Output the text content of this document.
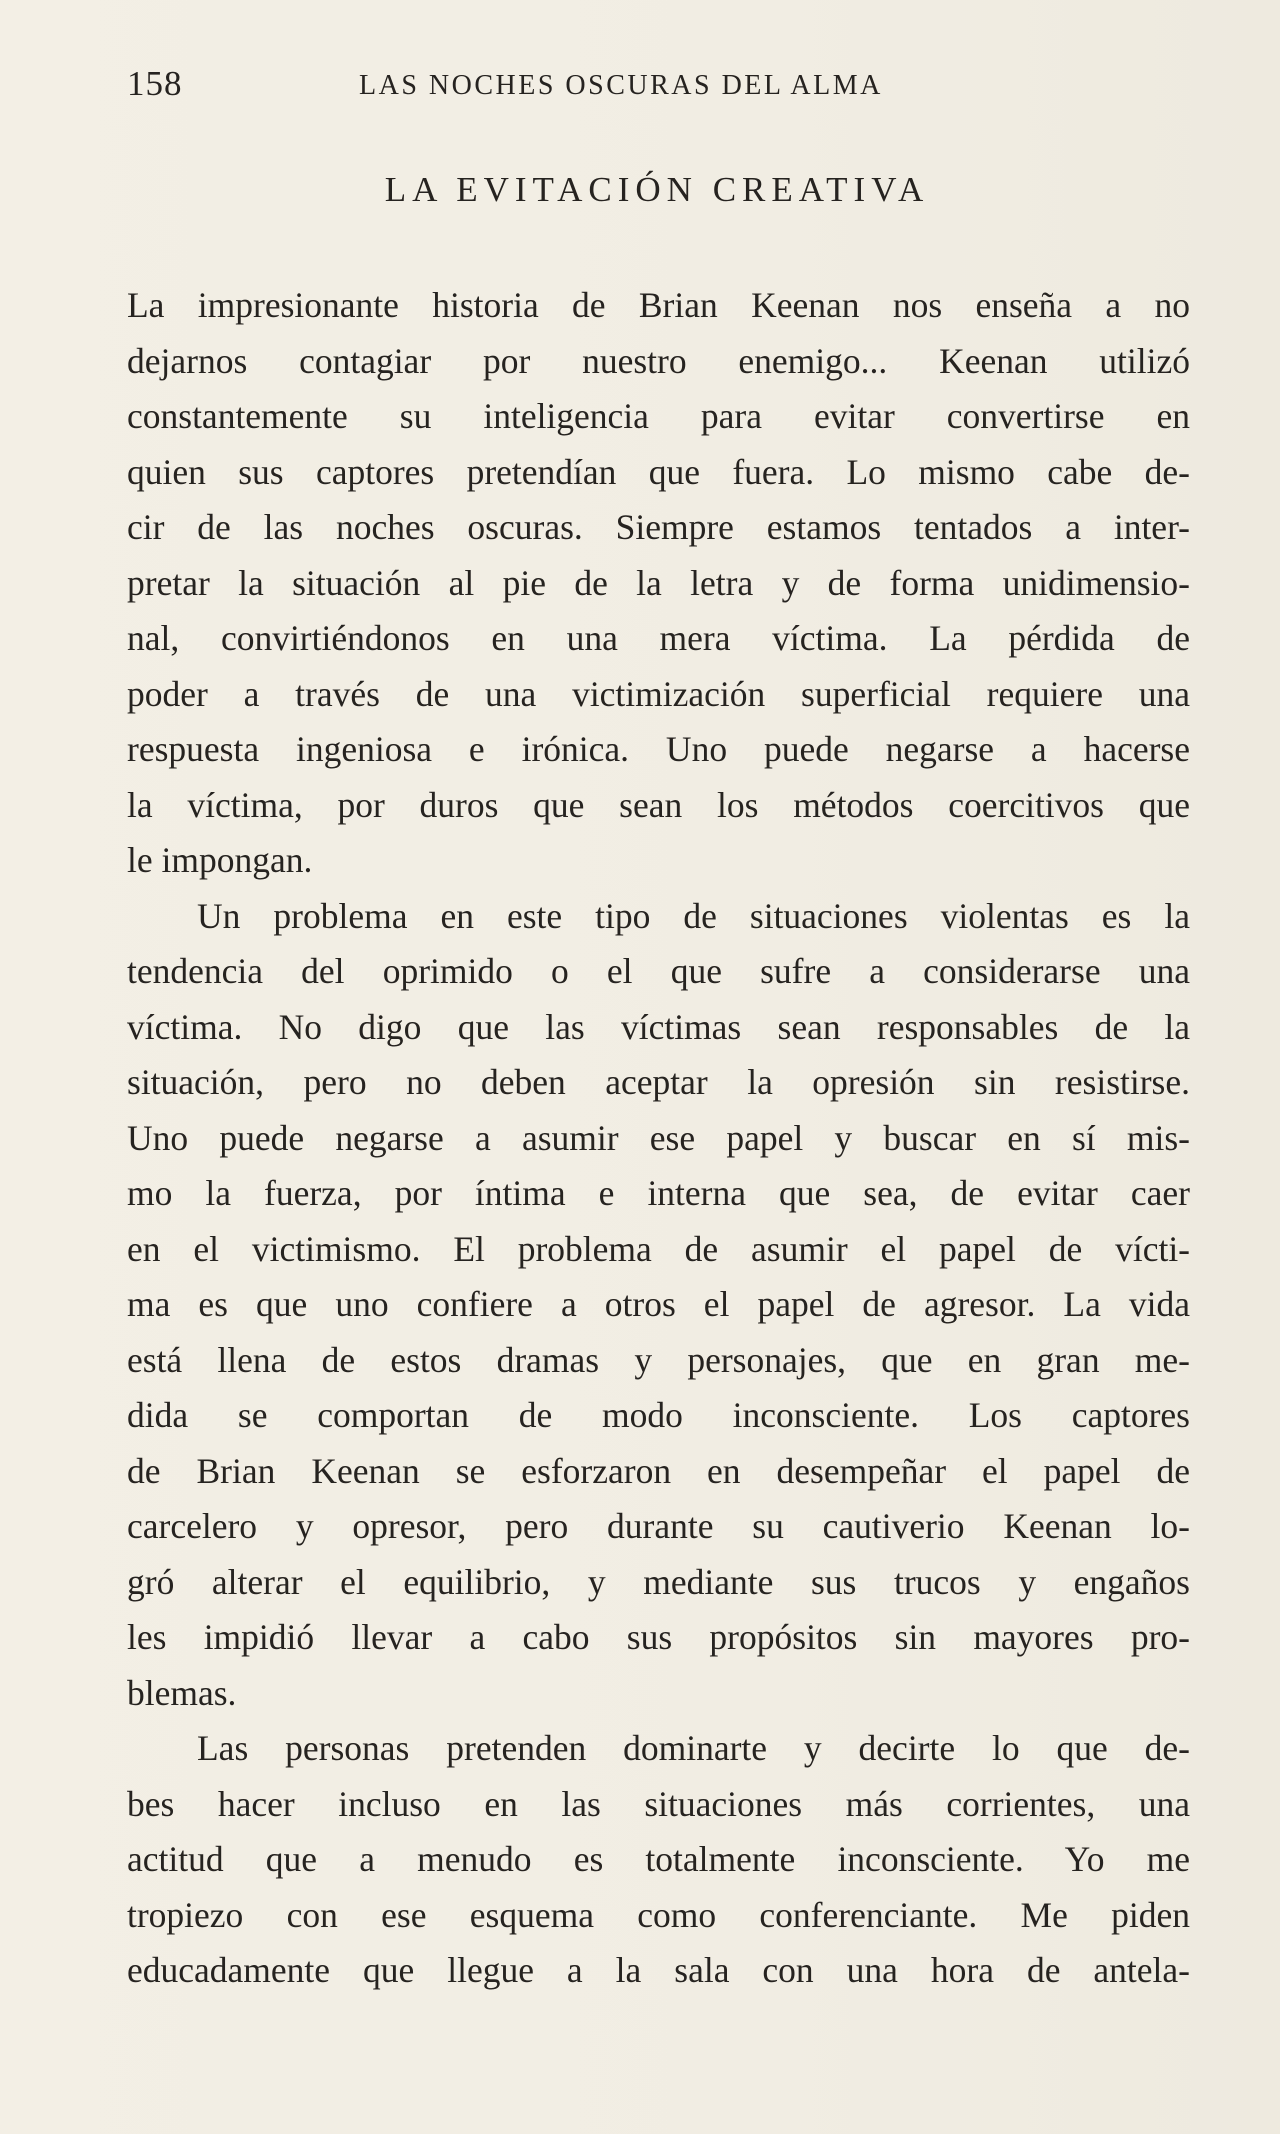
158	LAS NOCHES OSCURAS DEL ALMA
LA EVITACIÓN CREATIVA

La impresionante historia de Brian Keenan nos enseña a no
dejarnos contagiar por nuestro enemigo... Keenan utilizó
constantemente su inteligencia para evitar convertirse en
quien sus captores pretendían que fuera. Lo mismo cabe de-
cir de las noches oscuras. Siempre estamos tentados a inter-
pretar la situación al pie de la letra y de forma unidimensio-
nal, convirtiéndonos en una mera víctima. La pérdida de
poder a través de una victimización superficial requiere una
respuesta ingeniosa e irónica. Uno puede negarse a hacerse
la víctima, por duros que sean los métodos coercitivos que
le impongan.

Un problema en este tipo de situaciones violentas es la
tendencia del oprimido o el que sufre a considerarse una
víctima. No digo que las víctimas sean responsables de la
situación, pero no deben aceptar la opresión sin resistirse.
Uno puede negarse a asumir ese papel y buscar en sí mis-
mo la fuerza, por íntima e interna que sea, de evitar caer
en el victimismo. El problema de asumir el papel de vícti-
ma es que uno confiere a otros el papel de agresor. La vida
está llena de estos dramas y personajes, que en gran me-
dida se comportan de modo inconsciente. Los captores
de Brian Keenan se esforzaron en desempeñar el papel de
carcelero y opresor, pero durante su cautiverio Keenan lo-
gró alterar el equilibrio, y mediante sus trucos y engaños
les impidió llevar a cabo sus propósitos sin mayores pro-
blemas.

Las personas pretenden dominarte y decirte lo que de-
bes hacer incluso en las situaciones más corrientes, una
actitud que a menudo es totalmente inconsciente. Yo me
tropiezo con ese esquema como conferenciante. Me piden
educadamente que llegue a la sala con una hora de antela-
